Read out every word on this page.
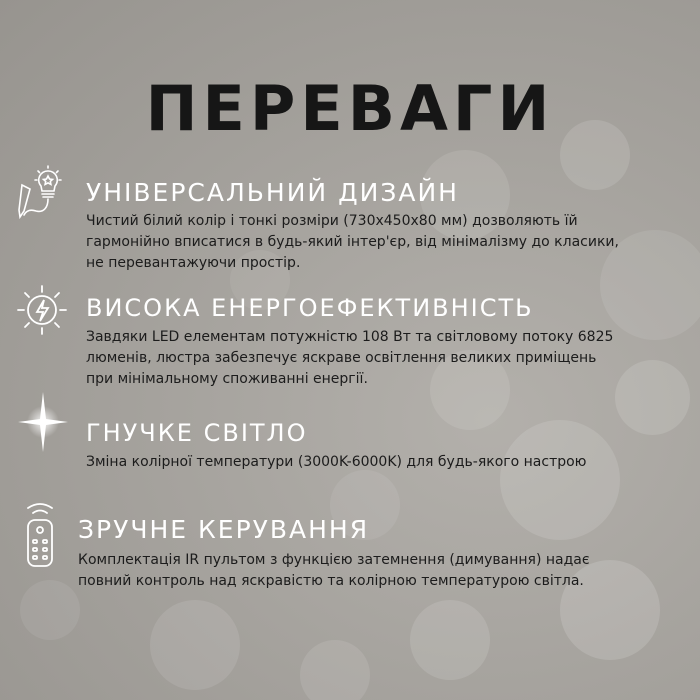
ПЕРЕВАГИ
УНІВЕРСАЛЬНИЙ ДИЗАЙН

Чистий білий колір і тонкі розміри (730х450х80 мм) дозволяють їй

гармонійно вписатися в будь-який інтер'єр, від мінімалізму до класики,

не перевантажуючи простір.

ВИСОКА ЕНЕРГОЕФЕКТИВНІСТЬ

Завдяки LED елементам потужністю 108 Вт та світловому потоку 6825

люменів, люстра забезпечує яскраве освітлення великих приміщень

при мінімальному споживанні енергії.

ГНУЧКЕ СВІТЛО

Зміна колірної температури (3000K-6000K) для будь-якого настрою

ЗРУЧНЕ КЕРУВАННЯ

Комплектація IR пультом з функцією затемнення (димування) надає

повний контроль над яскравістю та колірною температурою світла.
